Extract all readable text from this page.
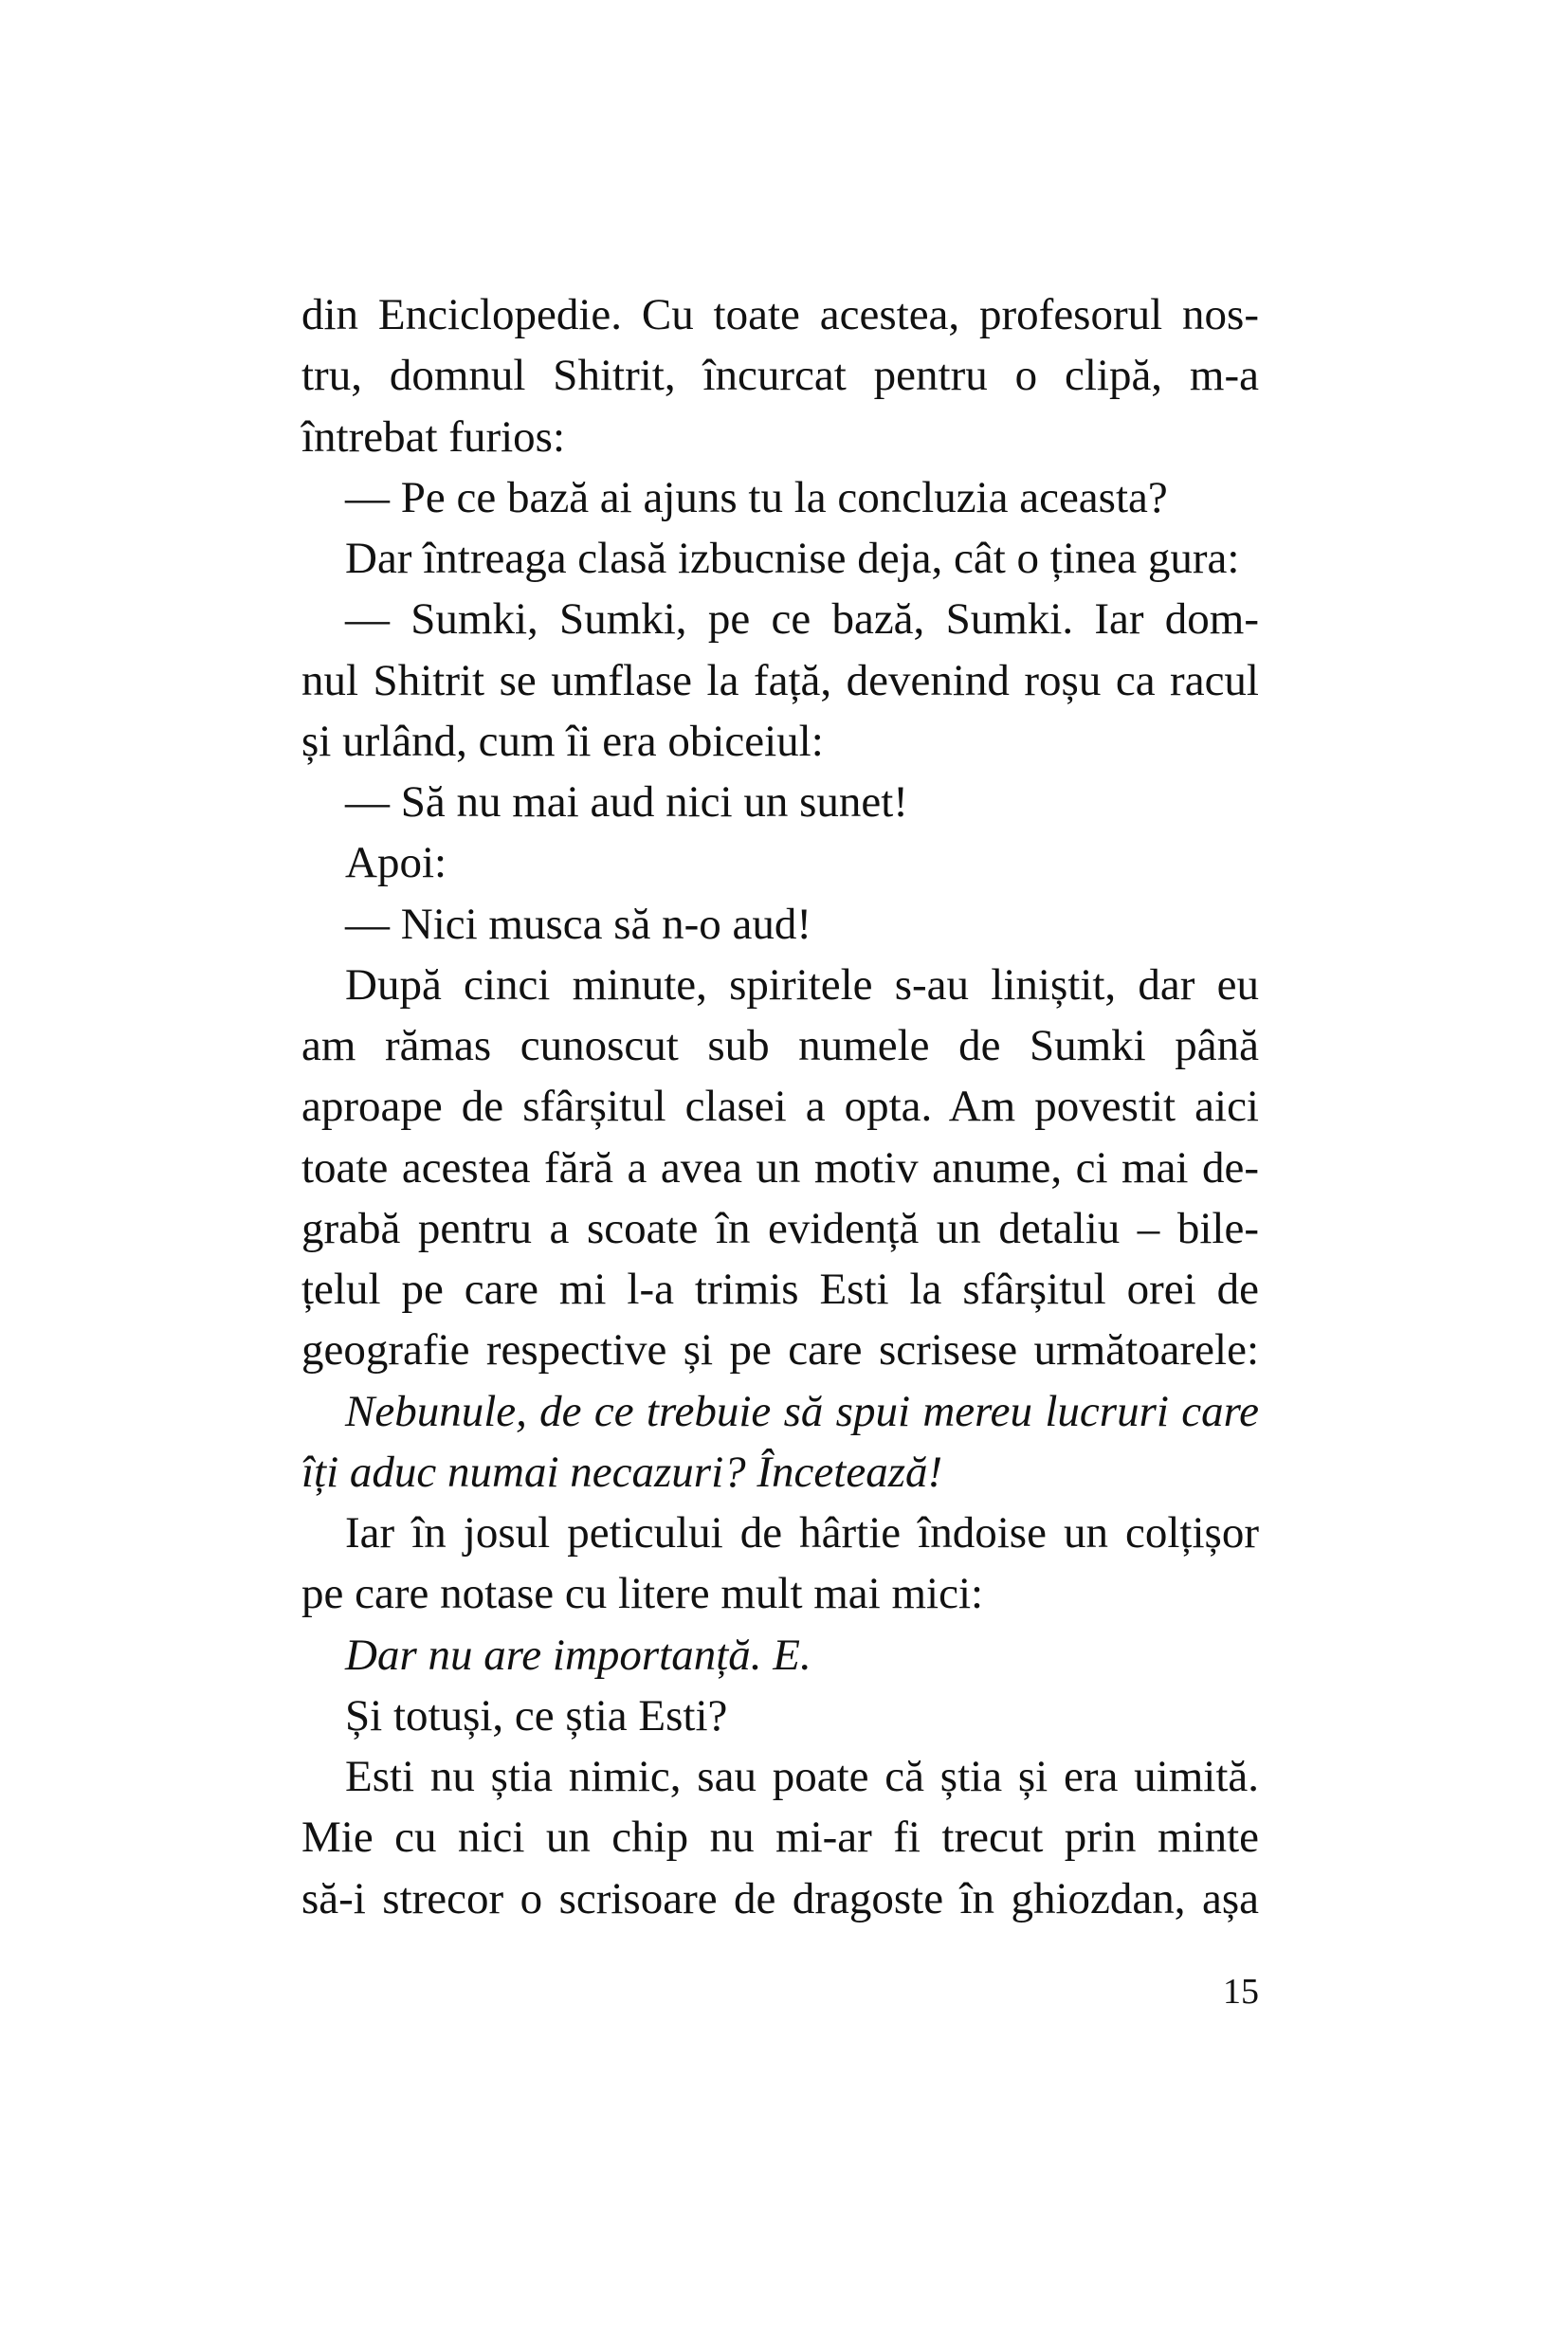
din Enciclopedie. Cu toate acestea, profesorul nos-
tru, domnul Shitrit, încurcat pentru o clipă, m-a
întrebat furios:
— Pe ce bază ai ajuns tu la concluzia aceasta?
Dar întreaga clasă izbucnise deja, cât o ținea gura:
— Sumki, Sumki, pe ce bază, Sumki. Iar dom-
nul Shitrit se umflase la față, devenind roșu ca racul
și urlând, cum îi era obiceiul:
— Să nu mai aud nici un sunet!
Apoi:
— Nici musca să n-o aud!
După cinci minute, spiritele s-au liniștit, dar eu
am rămas cunoscut sub numele de Sumki până
aproape de sfârșitul clasei a opta. Am povestit aici
toate acestea fără a avea un motiv anume, ci mai de-
grabă pentru a scoate în evidență un detaliu – bile-
țelul pe care mi l-a trimis Esti la sfârșitul orei de
geografie respective și pe care scrisese următoarele:
Nebunule, de ce trebuie să spui mereu lucruri care
îți aduc numai necazuri? Încetează!
Iar în josul peticului de hârtie îndoise un colțișor
pe care notase cu litere mult mai mici:
Dar nu are importanță. E.
Și totuși, ce știa Esti?
Esti nu știa nimic, sau poate că știa și era uimită.
Mie cu nici un chip nu mi-ar fi trecut prin minte
să-i strecor o scrisoare de dragoste în ghiozdan, așa
15
